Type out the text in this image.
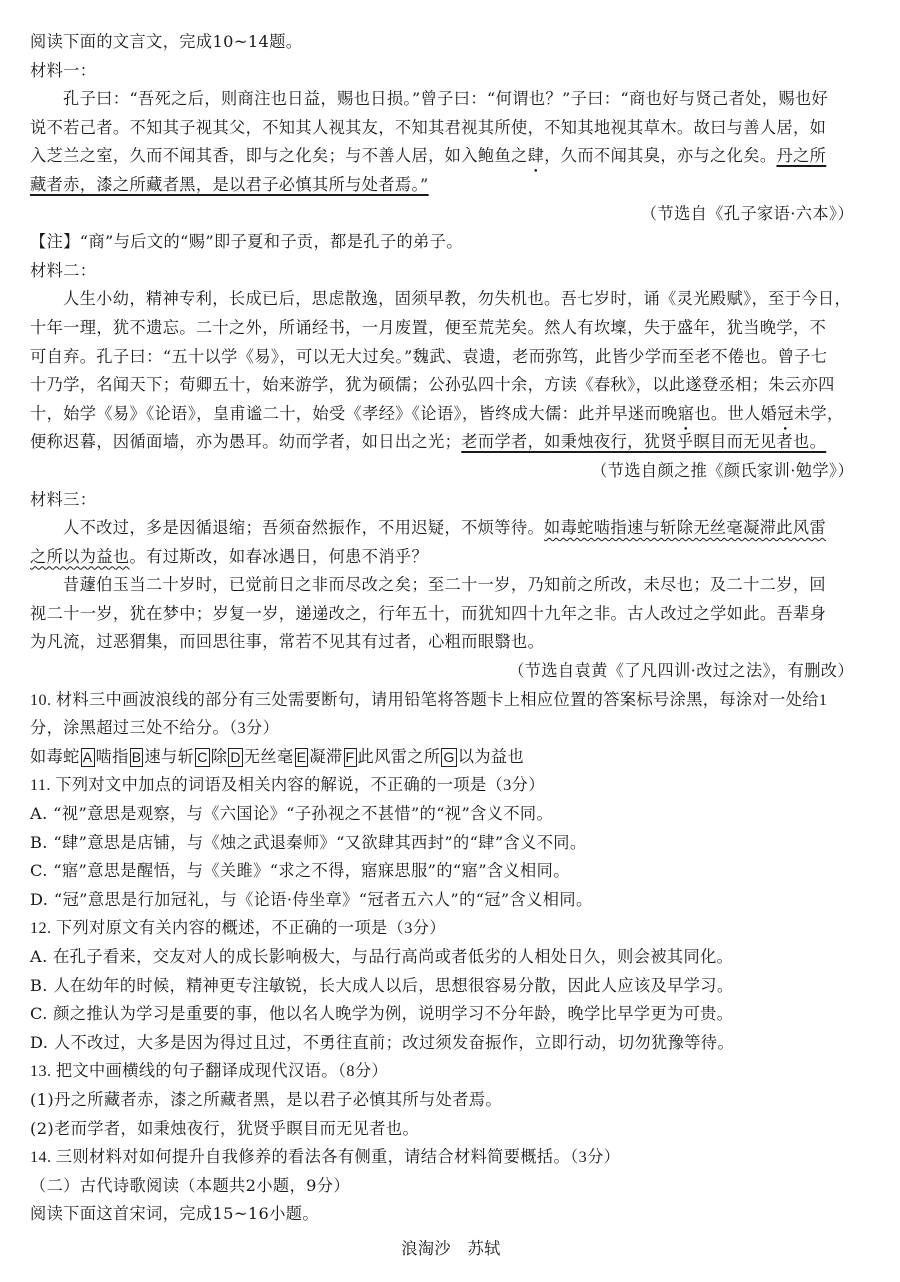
阅读下面的文言文，完成10~14题。
材料一：
孔子曰：“吾死之后，则商注也日益，赐也日损。”曾子曰：“何谓也？”子曰：“商也好与贤己者处，赐也好
说不若己者。不知其子视其父，不知其人视其友，不知其君视其所使，不知其地视其草木。故曰与善人居，如
入芝兰之室，久而不闻其香，即与之化矣；与不善人居，如入鲍鱼之肆，久而不闻其臭，亦与之化矣。丹之所
藏者赤，漆之所藏者黑，是以君子必慎其所与处者焉。”
（节选自《孔子家语·六本》）
【注】“商”与后文的“赐”即子夏和子贡，都是孔子的弟子。
材料二：
人生小幼，精神专利，长成已后，思虑散逸，固须早教，勿失机也。吾七岁时，诵《灵光殿赋》，至于今日，
十年一理，犹不遗忘。二十之外，所诵经书，一月废置，便至荒芜矣。然人有坎壈，失于盛年，犹当晚学，不
可自弃。孔子曰：“五十以学《易》，可以无大过矣。”魏武、袁遗，老而弥笃，此皆少学而至老不倦也。曾子七
十乃学，名闻天下；荀卿五十，始来游学，犹为硕儒；公孙弘四十余，方读《春秋》，以此遂登丞相；朱云亦四
十，始学《易》《论语》，皇甫谧二十，始受《孝经》《论语》，皆终成大儒：此并早迷而晚寤也。世人婚冠未学，
便称迟暮，因循面墙，亦为愚耳。幼而学者，如日出之光；老而学者，如秉烛夜行，犹贤乎瞑目而无见者也。
（节选自颜之推《颜氏家训·勉学》）
材料三：
人不改过，多是因循退缩；吾须奋然振作，不用迟疑，不烦等待。如毒蛇啮指速与斩除无丝毫凝滞此风雷
之所以为益也。有过斯改，如春冰遇日，何患不消乎？
昔蘧伯玉当二十岁时，已觉前日之非而尽改之矣；至二十一岁，乃知前之所改，未尽也；及二十二岁，回
视二十一岁，犹在梦中；岁复一岁，递递改之，行年五十，而犹知四十九年之非。古人改过之学如此。吾辈身
为凡流，过恶猬集，而回思往事，常若不见其有过者，心粗而眼翳也。
（节选自袁黄《了凡四训·改过之法》，有删改）
10. 材料三中画波浪线的部分有三处需要断句，请用铅笔将答题卡上相应位置的答案标号涂黑，每涂对一处给1
分，涂黑超过三处不给分。（3分）
如毒蛇 A 啮指 B 速与斩 C 除 D 无丝毫 E 凝滞 F 此风雷之所 G 以为益也
11. 下列对文中加点的词语及相关内容的解说，不正确的一项是（3分）
A. “视”意思是观察，与《六国论》“子孙视之不甚惜”的“视”含义不同。
B. “肆”意思是店铺，与《烛之武退秦师》“又欲肆其西封”的“肆”含义不同。
C. “寤”意思是醒悟，与《关雎》“求之不得，寤寐思服”的“寤”含义相同。
D. “冠”意思是行加冠礼，与《论语·侍坐章》“冠者五六人”的“冠”含义相同。
12. 下列对原文有关内容的概述，不正确的一项是（3分）
A. 在孔子看来，交友对人的成长影响极大，与品行高尚或者低劣的人相处日久，则会被其同化。
B. 人在幼年的时候，精神更专注敏锐，长大成人以后，思想很容易分散，因此人应该及早学习。
C. 颜之推认为学习是重要的事，他以名人晚学为例，说明学习不分年龄，晚学比早学更为可贵。
D. 人不改过，大多是因为得过且过，不勇往直前；改过须发奋振作，立即行动，切勿犹豫等待。
13. 把文中画横线的句子翻译成现代汉语。（8分）
(1)丹之所藏者赤，漆之所藏者黑，是以君子必慎其所与处者焉。
(2)老而学者，如秉烛夜行，犹贤乎瞑目而无见者也。
14. 三则材料对如何提升自我修养的看法各有侧重，请结合材料简要概括。（3分）
（二）古代诗歌阅读（本题共2小题，9分）
阅读下面这首宋词，完成15~16小题。
浪淘沙　苏轼
